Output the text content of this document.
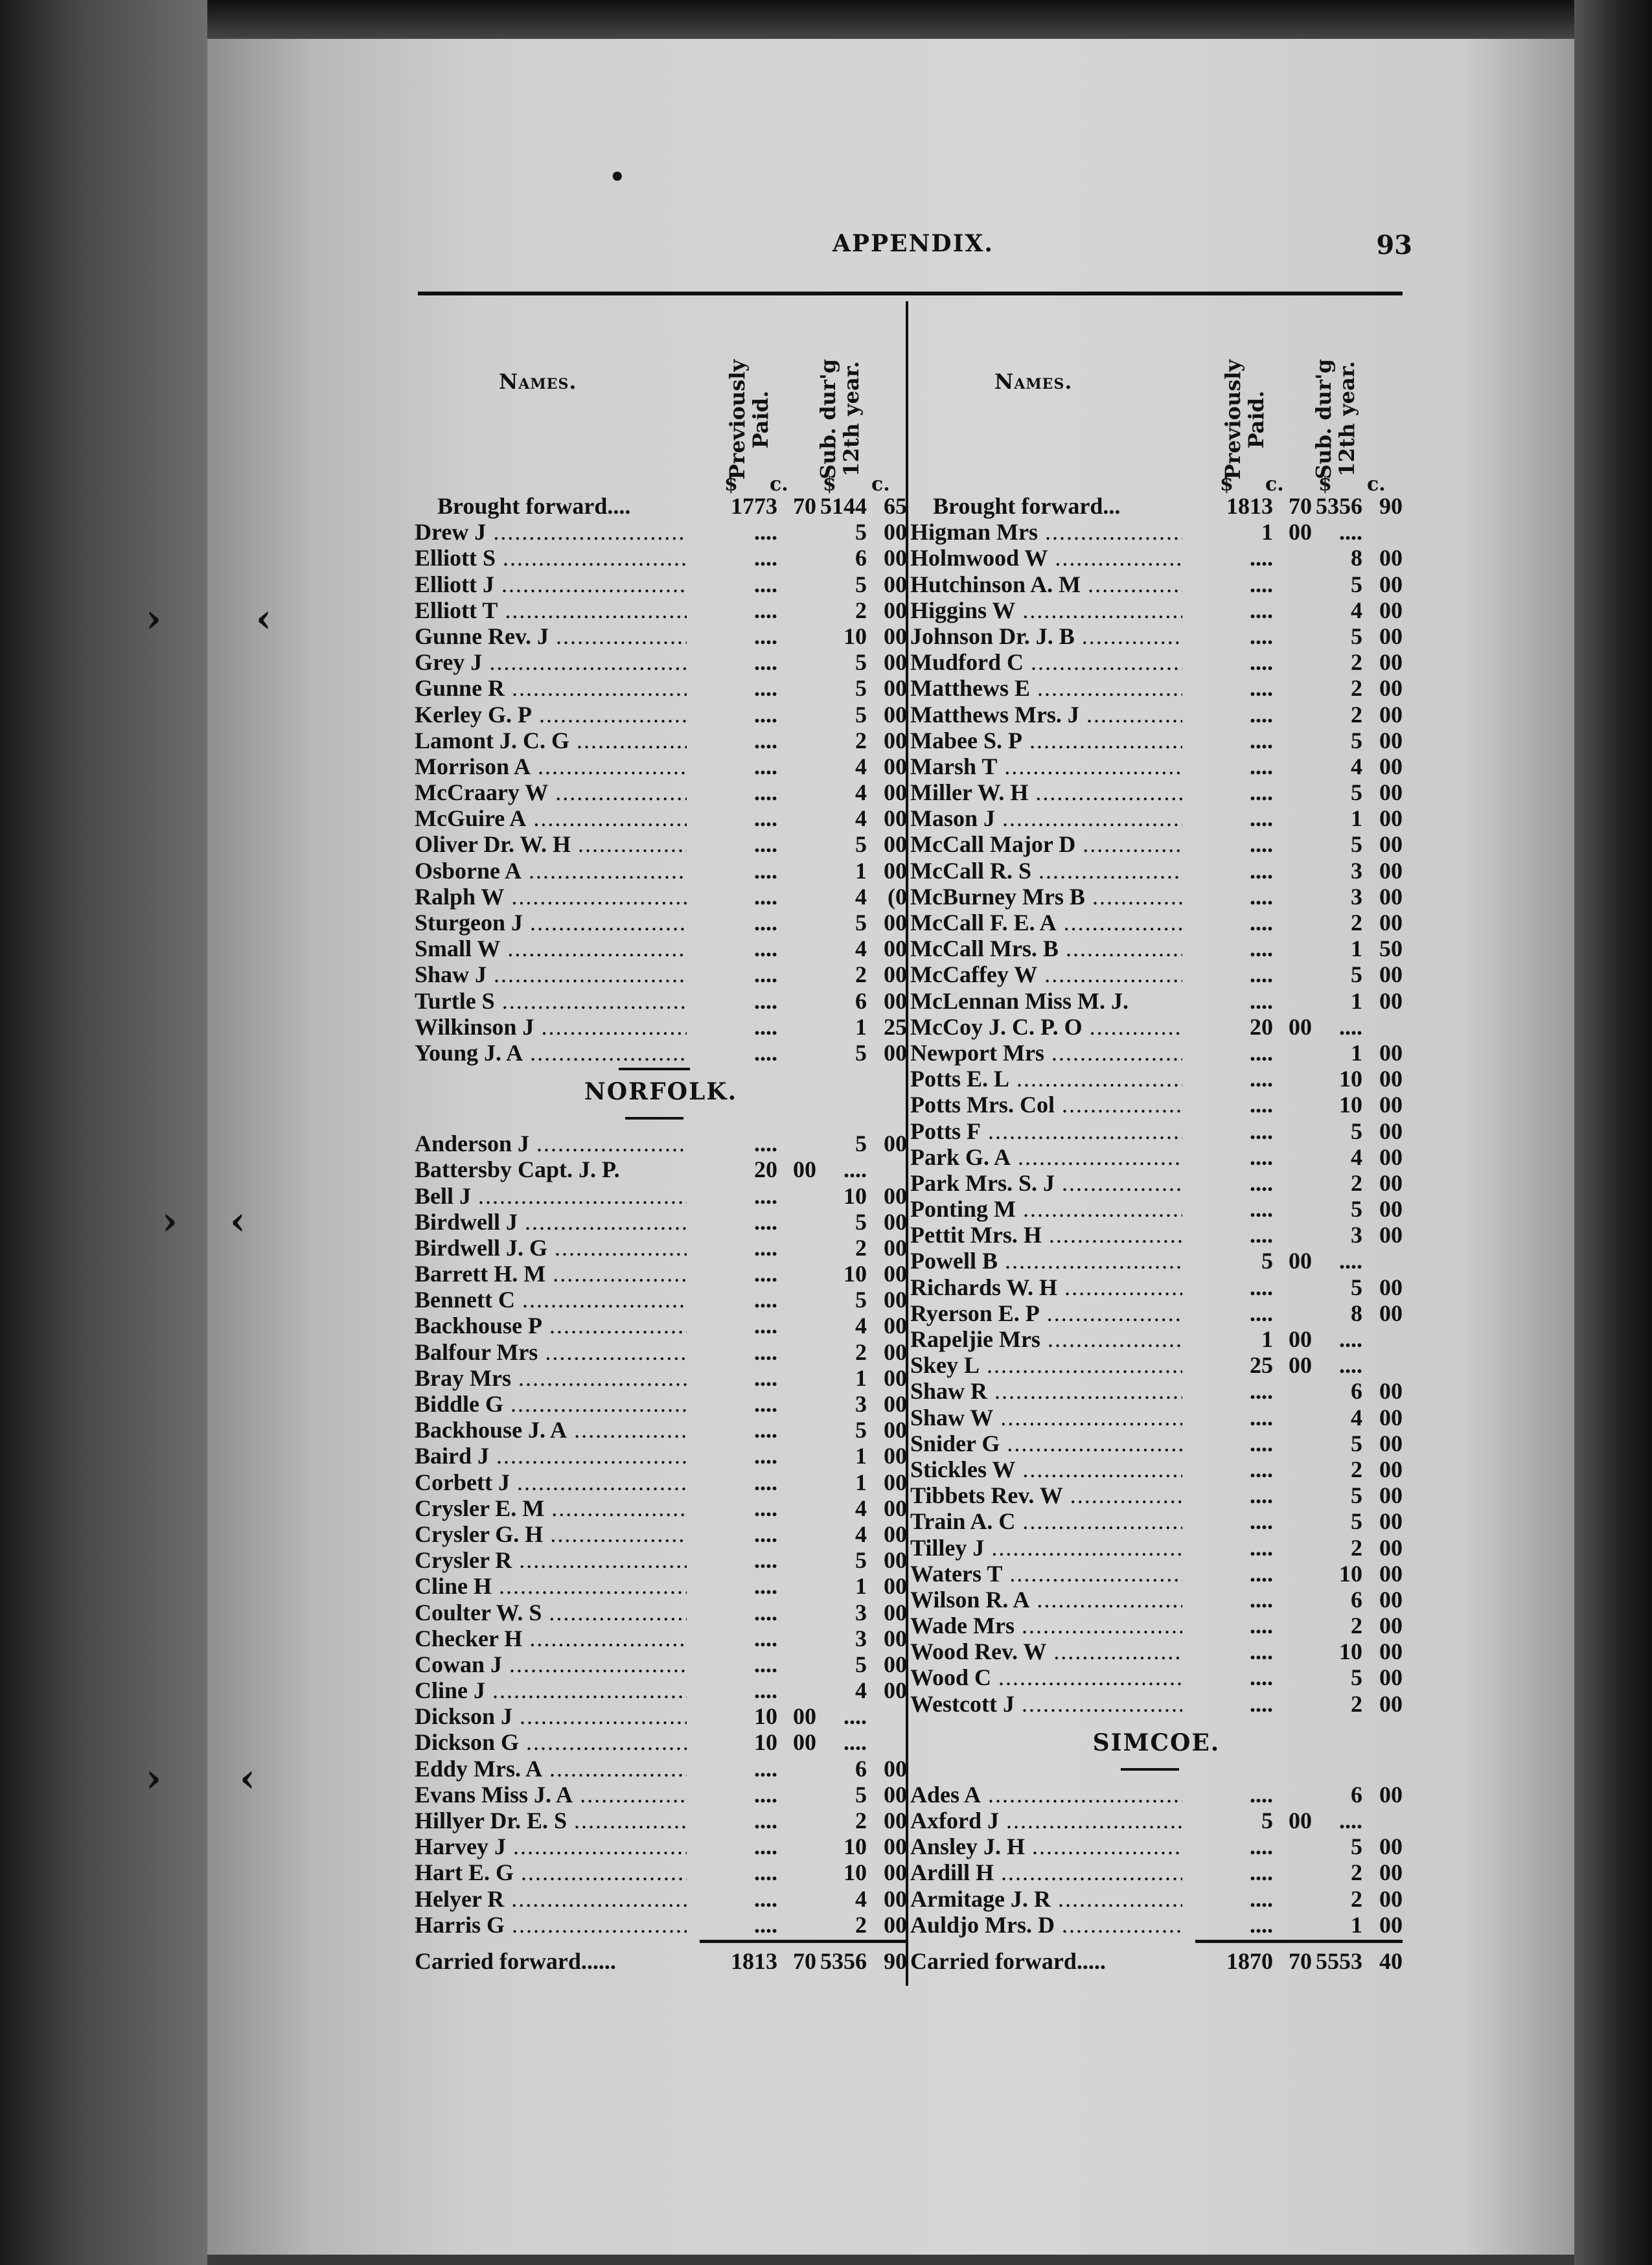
•
› ‹
› ‹
› ‹
APPENDIX.	93
Names.	Previously
Paid. Sub. dur'g
12th year.
$ c. $ c.
Brought forward....	1773 70 5144 65
Drew J .....	....	5 00
Elliott S .....	....	6 00
Elliott J .....	....	5 00
Elliott T .....	....	2 00
Gunne Rev. J .....	....	10 00
Grey J .....	....	5 00
Gunne R .....	....	5 00
Kerley G. P .....	....	5 00
Lamont J. C. G .....	....	2 00
Morrison A .....	....	4 00
McCraary W .....	....	4 00
McGuire A .....	....	4 00
Oliver Dr. W. H .....	....	5 00
Osborne A .....	....	1 00
Ralph W .....	....	4 (0
Sturgeon J .....	....	5 00
Small W .....	....	4 00
Shaw J .....	....	2 00
Turtle S .....	....	6 00
Wilkinson J .....	....	1 25
Young J. A .....	....	5 00
NORFOLK.
Anderson J .....	....	5 00
Battersby Capt. J. P.	20 00	....
Bell J .....	....	10 00
Birdwell J .....	....	5 00
Birdwell J. G .....	....	2 00
Barrett H. M .....	....	10 00
Bennett C .....	....	5 00
Backhouse P .....	....	4 00
Balfour Mrs .....	....	2 00
Bray Mrs .....	....	1 00
Biddle G .....	....	3 00
Backhouse J. A .....	....	5 00
Baird J .....	....	1 00
Corbett J .....	....	1 00
Crysler E. M .....	....	4 00
Crysler G. H .....	....	4 00
Crysler R .....	....	5 00
Cline H .....	....	1 00
Coulter W. S .....	....	3 00
Checker H .....	....	3 00
Cowan J .....	....	5 00
Cline J .....	....	4 00
Dickson J .....	10 00	....
Dickson G .....	10 00	....
Eddy Mrs. A .....	....	6 00
Evans Miss J. A .....	....	5 00
Hillyer Dr. E. S .....	....	2 00
Harvey J .....	....	10 00
Hart E. G .....	....	10 00
Helyer R .....	....	4 00
Harris G .....	....	2 00
Carried forward......	1813 70 5356 90
Names.	Previously
Paid. Sub. dur'g
12th year.
$ c. $ c.
Brought forward...	1813 70 5356 90
Higman Mrs .....	1 00	....
Holmwood W .....	....	8 00
Hutchinson A. M .....	....	5 00
Higgins W .....	....	4 00
Johnson Dr. J. B .....	....	5 00
Mudford C .....	....	2 00
Matthews E .....	....	2 00
Matthews Mrs. J .....	....	2 00
Mabee S. P .....	....	5 00
Marsh T .....	....	4 00
Miller W. H .....	....	5 00
Mason J .....	....	1 00
McCall Major D .....	....	5 00
McCall R. S .....	....	3 00
McBurney Mrs B .....	....	3 00
McCall F. E. A .....	....	2 00
McCall Mrs. B .....	....	1 50
McCaffey W .....	....	5 00
McLennan Miss M. J.	....	1 00
McCoy J. C. P. O .....	20 00	....
Newport Mrs .....	....	1 00
Potts E. L .....	....	10 00
Potts Mrs. Col .....	....	10 00
Potts F .....	....	5 00
Park G. A .....	....	4 00
Park Mrs. S. J .....	....	2 00
Ponting M .....	....	5 00
Pettit Mrs. H .....	....	3 00
Powell B .....	5 00	....
Richards W. H .....	....	5 00
Ryerson E. P .....	....	8 00
Rapeljie Mrs .....	1 00	....
Skey L .....	25 00	....
Shaw R .....	....	6 00
Shaw W .....	....	4 00
Snider G .....	....	5 00
Stickles W .....	....	2 00
Tibbets Rev. W .....	....	5 00
Train A. C .....	....	5 00
Tilley J .....	....	2 00
Waters T .....	....	10 00
Wilson R. A .....	....	6 00
Wade Mrs .....	....	2 00
Wood Rev. W .....	....	10 00
Wood C .....	....	5 00
Westcott J .....	....	2 00
SIMCOE.
Ades A .....	....	6 00
Axford J .....	5 00	....
Ansley J. H .....	....	5 00
Ardill H .....	....	2 00
Armitage J. R .....	....	2 00
Auldjo Mrs. D .....	....	1 00
Carried forward.....	1870 70 5553 40
